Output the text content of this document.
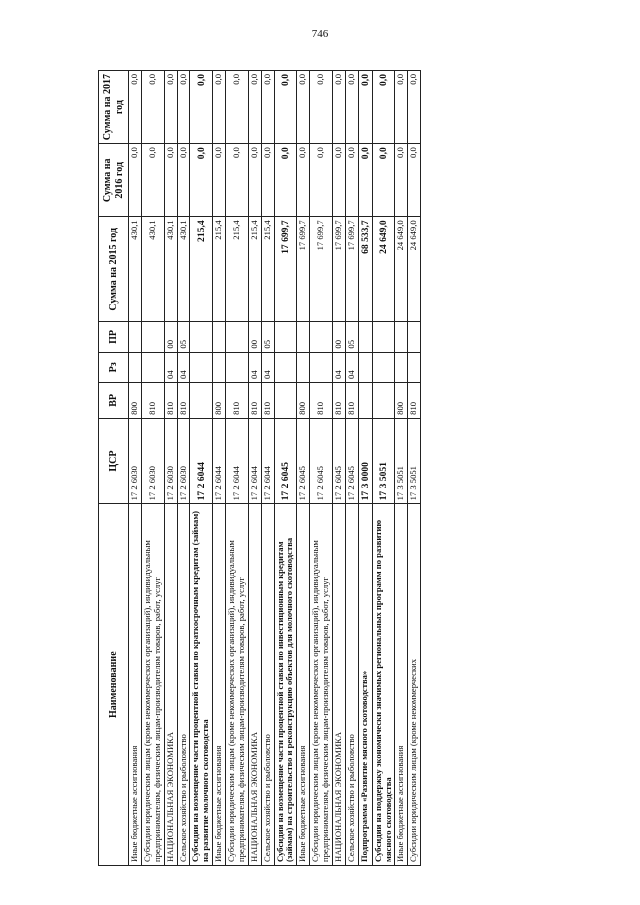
746
Наименование	ЦСР	ВР	Рз	ПР	Сумма на 2015 год	Сумма на 2016 год	Сумма на 2017 год
Иные бюджетные ассигнования	17 2 6030	800			430,1	0,0	0,0
Субсидии юридическим лицам (кроме некоммерческих организаций), индивидуальным предпринимателям, физическим лицам-производителям товаров, работ, услуг	17 2 6030	810			430,1	0,0	0,0
НАЦИОНАЛЬНАЯ ЭКОНОМИКА	17 2 6030	810	04	00	430,1	0,0	0,0
Сельское хозяйство и рыболовство	17 2 6030	810	04	05	430,1	0,0	0,0
Субсидии на возмещение части процентной ставки по краткосрочным кредитам (займам) на развитие молочного скотоводства	17 2 6044				215,4	0,0	0,0
Иные бюджетные ассигнования	17 2 6044	800			215,4	0,0	0,0
Субсидии юридическим лицам (кроме некоммерческих организаций), индивидуальным предпринимателям, физическим лицам-производителям товаров, работ, услуг	17 2 6044	810			215,4	0,0	0,0
НАЦИОНАЛЬНАЯ ЭКОНОМИКА	17 2 6044	810	04	00	215,4	0,0	0,0
Сельское хозяйство и рыболовство	17 2 6044	810	04	05	215,4	0,0	0,0
Субсидии на возмещение части процентной ставки по инвестиционным кредитам (займам) на строительство и реконструкцию объектов для молочного скотоводства	17 2 6045				17 699,7	0,0	0,0
Иные бюджетные ассигнования	17 2 6045	800			17 699,7	0,0	0,0
Субсидии юридическим лицам (кроме некоммерческих организаций), индивидуальным предпринимателям, физическим лицам-производителям товаров, работ, услуг	17 2 6045	810			17 699,7	0,0	0,0
НАЦИОНАЛЬНАЯ ЭКОНОМИКА	17 2 6045	810	04	00	17 699,7	0,0	0,0
Сельское хозяйство и рыболовство	17 2 6045	810	04	05	17 699,7	0,0	0,0
Подпрограмма «Развитие мясного скотоводства»	17 3 0000				68 533,7	0,0	0,0
Субсидии на поддержку экономически значимых региональных программ по развитию мясного скотоводства	17 3 5051				24 649,0	0,0	0,0
Иные бюджетные ассигнования	17 3 5051	800			24 649,0	0,0	0,0
Субсидии юридическим лицам (кроме некоммерческих	17 3 5051	810			24 649,0	0,0	0,0
